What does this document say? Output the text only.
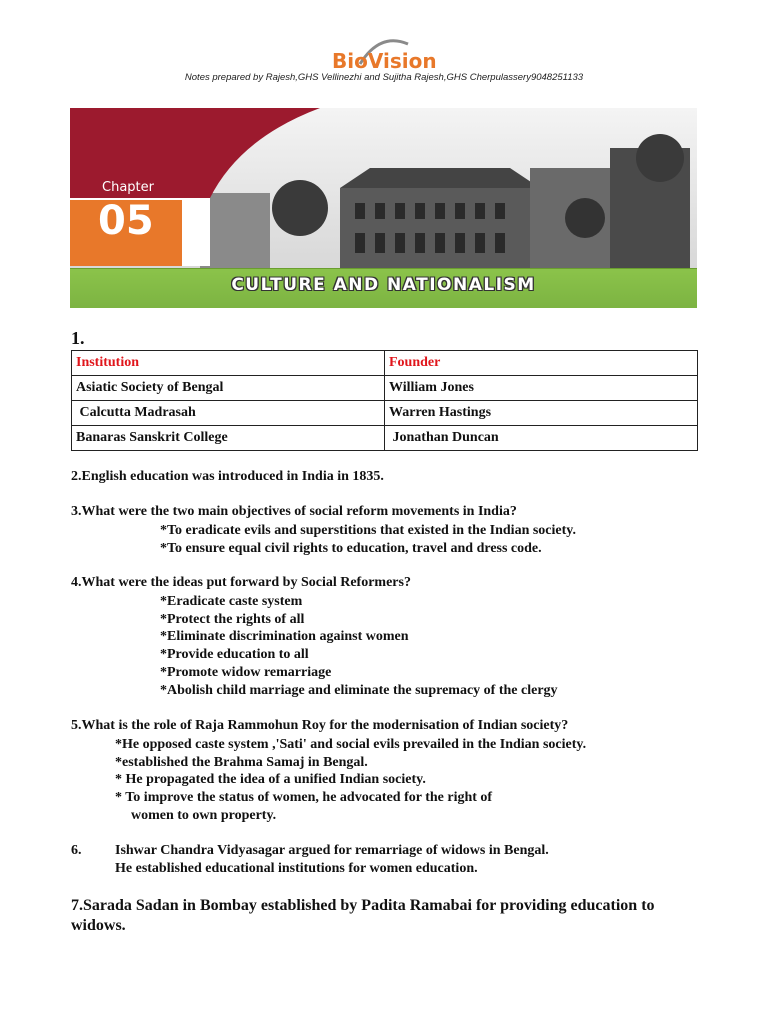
BioVision
Notes prepared by Rajesh,GHS Vellinezhi and Sujitha Rajesh,GHS Cherpulassery9048251133
Chapter
05
CULTURE AND NATIONALISM
1.
Institution	Founder
Asiatic Society of Bengal	William Jones
Calcutta Madrasah	Warren Hastings
Banaras Sanskrit College	Jonathan Duncan
2.English education was introduced in India in 1835.
3.What were the two main objectives of social reform movements in India?
*To eradicate evils and superstitions that existed in the Indian society.
*To ensure equal civil rights to education, travel and dress code.
4.What were the ideas put forward by Social Reformers?
*Eradicate caste system
*Protect the rights of all
*Eliminate discrimination against women
*Provide education to all
*Promote widow remarriage
*Abolish child marriage and eliminate the supremacy of the clergy
5.What is the role of Raja Rammohun Roy for the modernisation of Indian society?
*He opposed caste system ,'Sati' and social evils prevailed in the Indian society.
*established the Brahma Samaj in Bengal.
* He propagated the idea of a unified Indian society.
* To improve the status of women, he advocated for the right of
women to own property.
6. Ishwar Chandra Vidyasagar argued for remarriage of widows in Bengal.
He established educational institutions for women education.
7.Sarada Sadan in Bombay established by Padita Ramabai for providing education to
widows.
